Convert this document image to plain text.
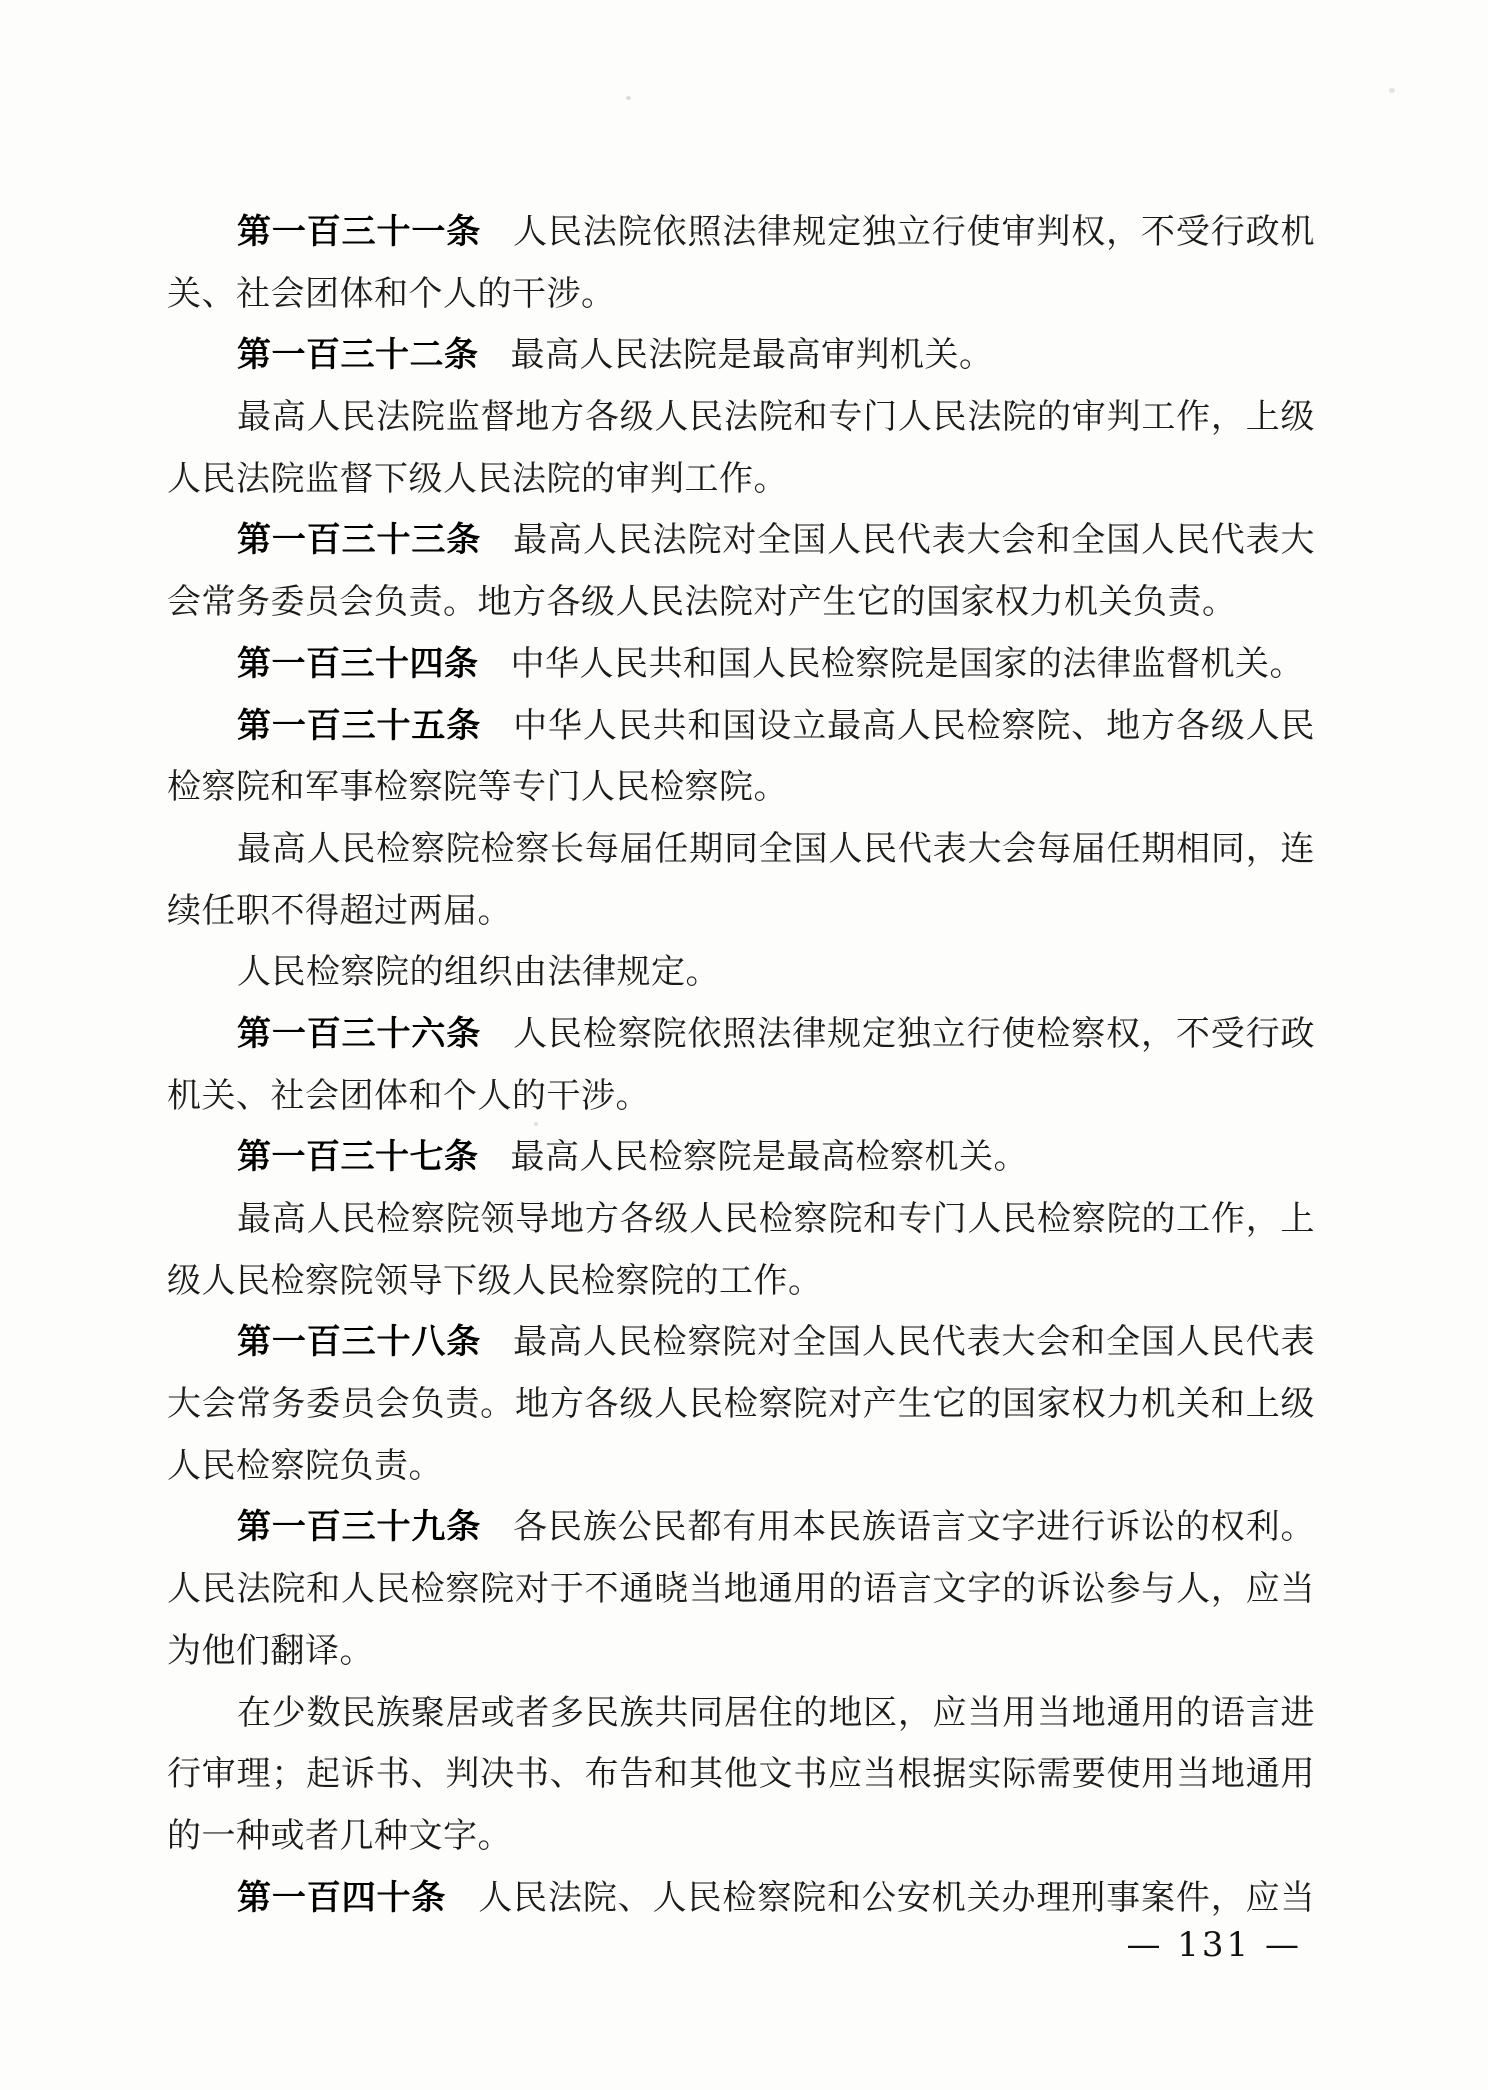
第一百三十一条 人民法院依照法律规定独立行使审判权，不受行政机
关、社会团体和个人的干涉。
第一百三十二条 最高人民法院是最高审判机关。
最高人民法院监督地方各级人民法院和专门人民法院的审判工作，上级
人民法院监督下级人民法院的审判工作。
第一百三十三条 最高人民法院对全国人民代表大会和全国人民代表大
会常务委员会负责。地方各级人民法院对产生它的国家权力机关负责。
第一百三十四条 中华人民共和国人民检察院是国家的法律监督机关。
第一百三十五条 中华人民共和国设立最高人民检察院、地方各级人民
检察院和军事检察院等专门人民检察院。
最高人民检察院检察长每届任期同全国人民代表大会每届任期相同，连
续任职不得超过两届。
人民检察院的组织由法律规定。
第一百三十六条 人民检察院依照法律规定独立行使检察权，不受行政
机关、社会团体和个人的干涉。
第一百三十七条 最高人民检察院是最高检察机关。
最高人民检察院领导地方各级人民检察院和专门人民检察院的工作，上
级人民检察院领导下级人民检察院的工作。
第一百三十八条 最高人民检察院对全国人民代表大会和全国人民代表
大会常务委员会负责。地方各级人民检察院对产生它的国家权力机关和上级
人民检察院负责。
第一百三十九条 各民族公民都有用本民族语言文字进行诉讼的权利。
人民法院和人民检察院对于不通晓当地通用的语言文字的诉讼参与人，应当
为他们翻译。
在少数民族聚居或者多民族共同居住的地区，应当用当地通用的语言进
行审理；起诉书、判决书、布告和其他文书应当根据实际需要使用当地通用
的一种或者几种文字。
第一百四十条 人民法院、人民检察院和公安机关办理刑事案件，应当
— 131 —
